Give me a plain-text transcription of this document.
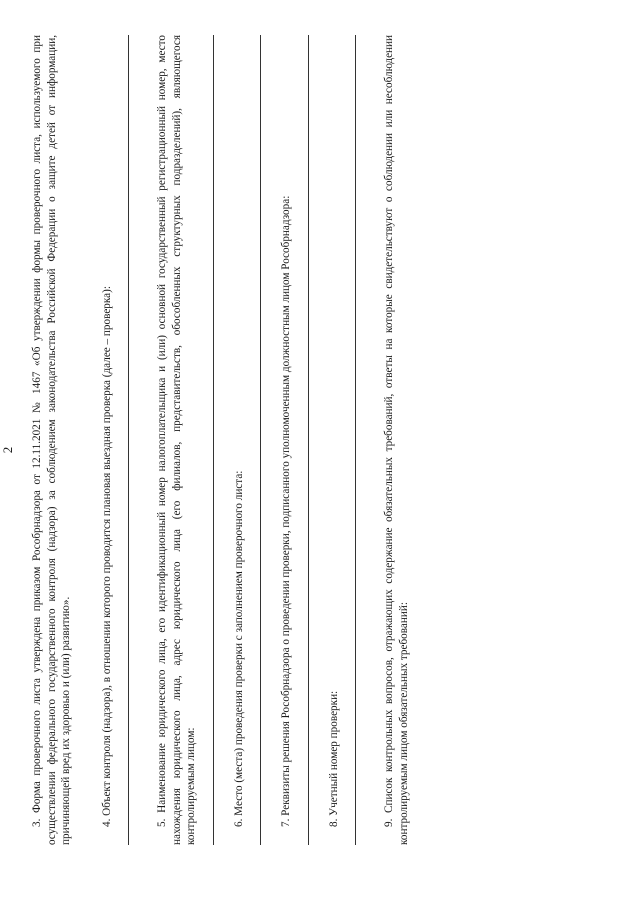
2 3. Форма проверочного листа утверждена приказом Рособрнадзора от 12.11.2021 № 1467 «Об утверждении формы проверочного листа, используемого при осуществлении федерального государственного контроля (надзора) за соблюдением законодательства Российской Федерации о защите детей от информации, причиняющей вред их здоровью и (или) развитию».	4. Объект контроля (надзора), в отношении которого проводится плановая выездная проверка (далее – проверка):	5. Наименование юридического лица, его идентификационный номер налогоплательщика и (или) основной государственный регистрационный номер, место нахождения юридического лица, адрес юридического лица (его филиалов, представительств, обособленных структурных подразделений), являющегося контролируемым лицом:	6. Место (места) проведения проверки с заполнением проверочного листа:	7. Реквизиты решения Рособрнадзора о проведении проверки, подписанного уполномоченным должностным лицом Рособрнадзора:	8. Учетный номер проверки:	9. Список контрольных вопросов, отражающих содержание обязательных требований, ответы на которые свидетельствуют о соблюдении или несоблюдении контролируемым лицом обязательных требований:
